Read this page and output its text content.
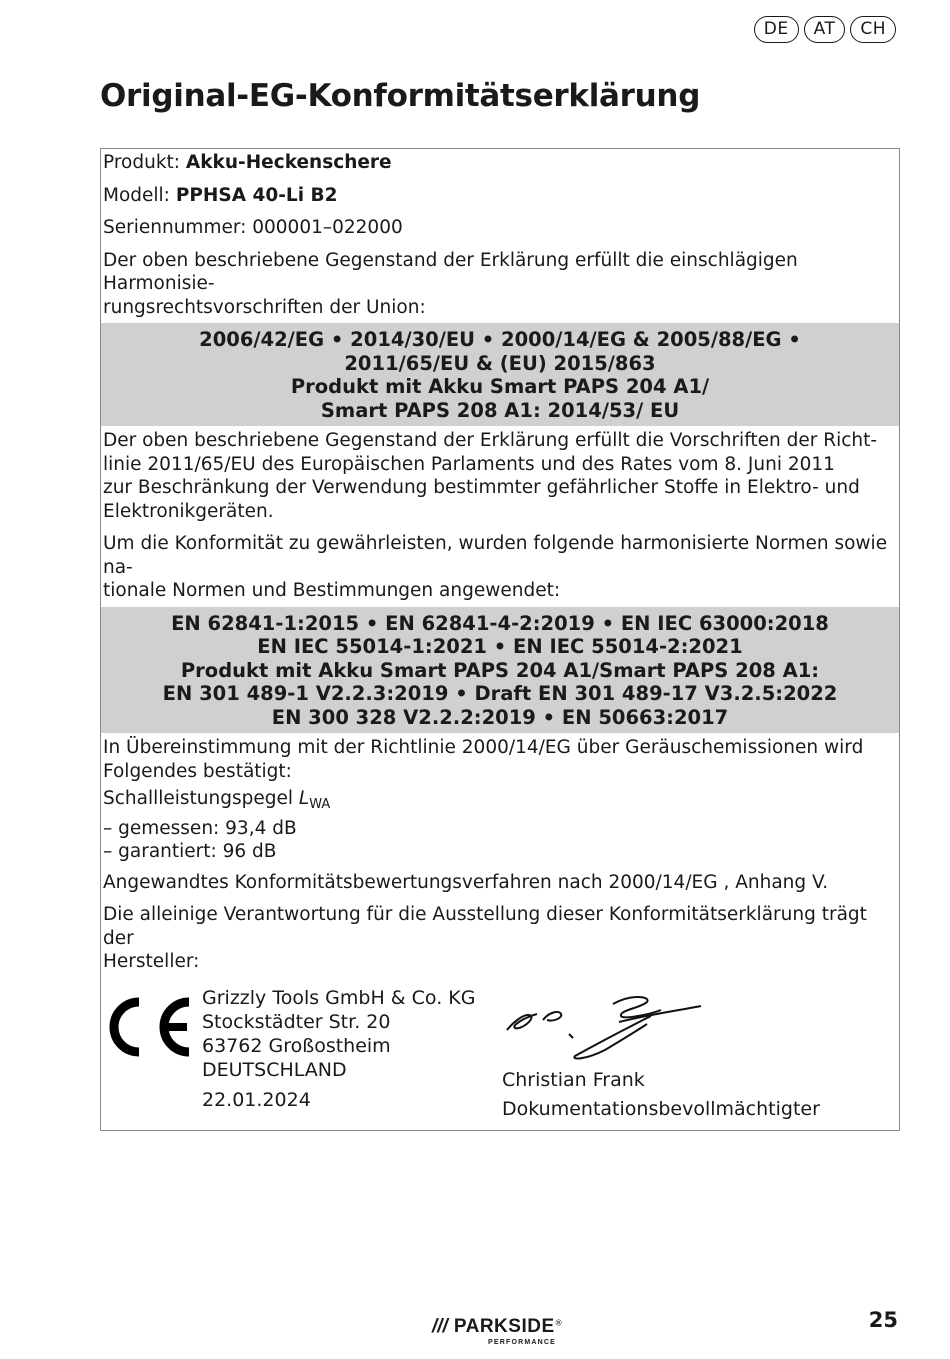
DE	AT	CH
Original-EG-Konformitätserklärung
Produkt: Akku-Heckenschere
Modell: PPHSA 40-Li B2
Seriennummer: 000001–022000
Der oben beschriebene Gegenstand der Erklärung erfüllt die einschlägigen Harmonisie-
rungsrechtsvorschriften der Union:
2006/42/EG • 2014/30/EU • 2000/14/EG & 2005/88/EG •
2011/65/EU & (EU) 2015/863
Produkt mit Akku Smart PAPS 204 A1/
Smart PAPS 208 A1: 2014/53/ EU
Der oben beschriebene Gegenstand der Erklärung erfüllt die Vorschriften der Richt-
linie 2011/65/EU des Europäischen Parlaments und des Rates vom 8. Juni 2011
zur Beschränkung der Verwendung bestimmter gefährlicher Stoffe in Elektro- und
Elektronikgeräten.
Um die Konformität zu gewährleisten, wurden folgende harmonisierte Normen sowie na-
tionale Normen und Bestimmungen angewendet:
EN 62841-1:2015 • EN 62841-4-2:2019 • EN IEC 63000:2018
EN IEC 55014-1:2021 • EN IEC 55014-2:2021
Produkt mit Akku Smart PAPS 204 A1/Smart PAPS 208 A1:
EN 301 489-1 V2.2.3:2019 • Draft EN 301 489-17 V3.2.5:2022
EN 300 328 V2.2.2:2019 • EN 50663:2017
In Übereinstimmung mit der Richtlinie 2000/14/EG über Geräuschemissionen wird
Folgendes bestätigt:
Schallleistungspegel $L_{WA}$
– gemessen: 93,4 dB
– garantiert: 96 dB
Angewandtes Konformitätsbewertungsverfahren nach 2000/14/EG , Anhang V.
Die alleinige Verantwortung für die Ausstellung dieser Konformitätserklärung trägt der
Hersteller:
Grizzly Tools GmbH & Co. KG
Stockstädter Str. 20
63762 Großostheim
DEUTSCHLAND
22.01.2024
Christian Frank
Dokumentationsbevollmächtigter
/// PARKSIDE®
PERFORMANCE
25
